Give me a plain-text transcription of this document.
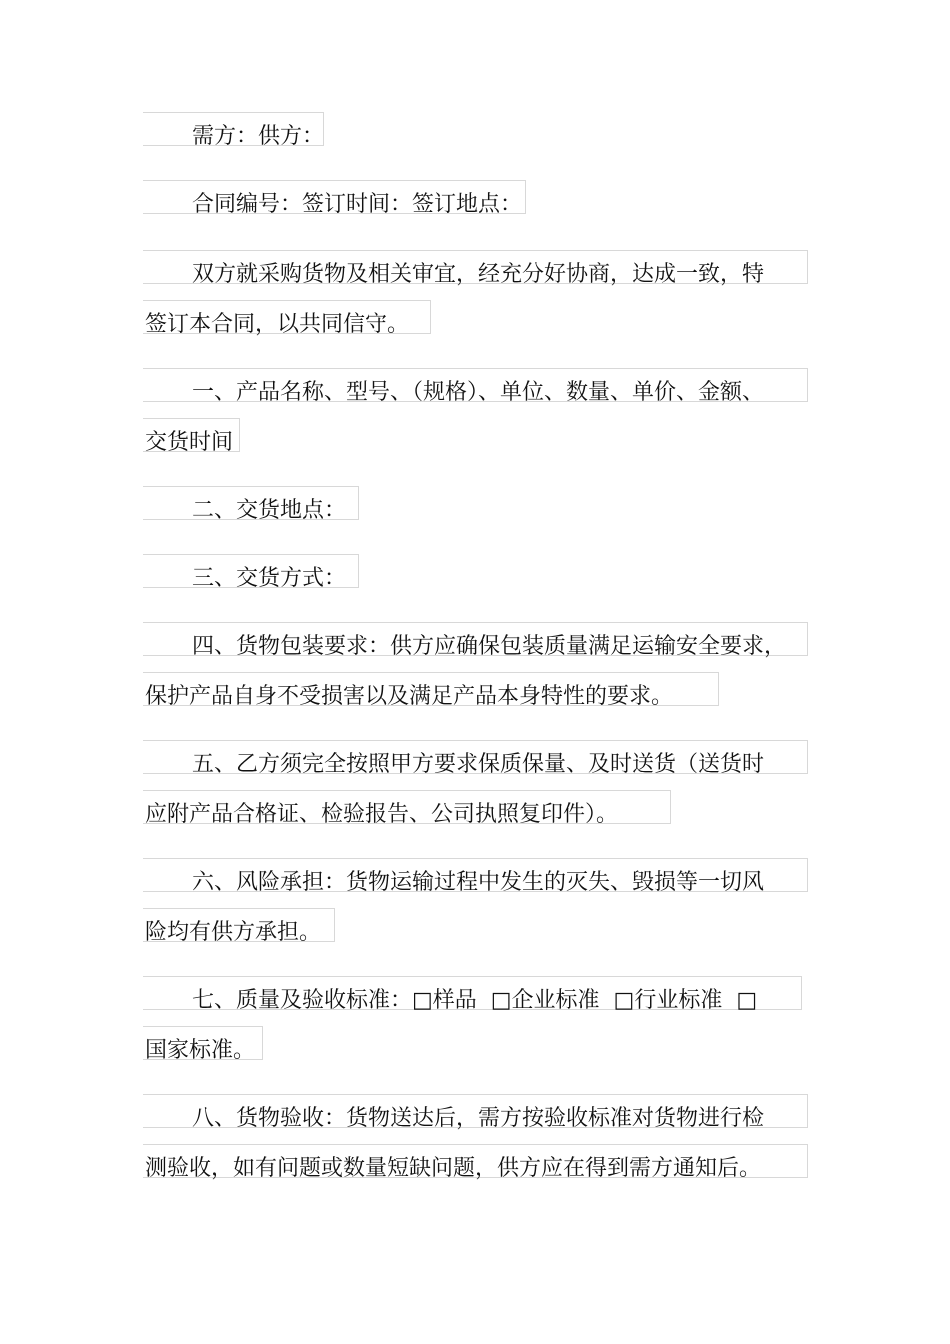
需方：供方：
合同编号：签订时间：签订地点：
双方就采购货物及相关审宜，经充分好协商，达成一致，特
签订本合同，以共同信守。
一、产品名称、型号、（规格）、单位、数量、单价、金额、
交货时间
二、交货地点：
三、交货方式：
四、货物包装要求：供方应确保包装质量满足运输安全要求，
保护产品自身不受损害以及满足产品本身特性的要求。
五、乙方须完全按照甲方要求保质保量、及时送货（送货时
应附产品合格证、检验报告、公司执照复印件）。
六、风险承担：货物运输过程中发生的灭失、毁损等一切风
险均有供方承担。
七、质量及验收标准：□样品  □企业标准  □行业标准  □
国家标准。
八、货物验收：货物送达后，需方按验收标准对货物进行检
测验收，如有问题或数量短缺问题，供方应在得到需方通知后。
